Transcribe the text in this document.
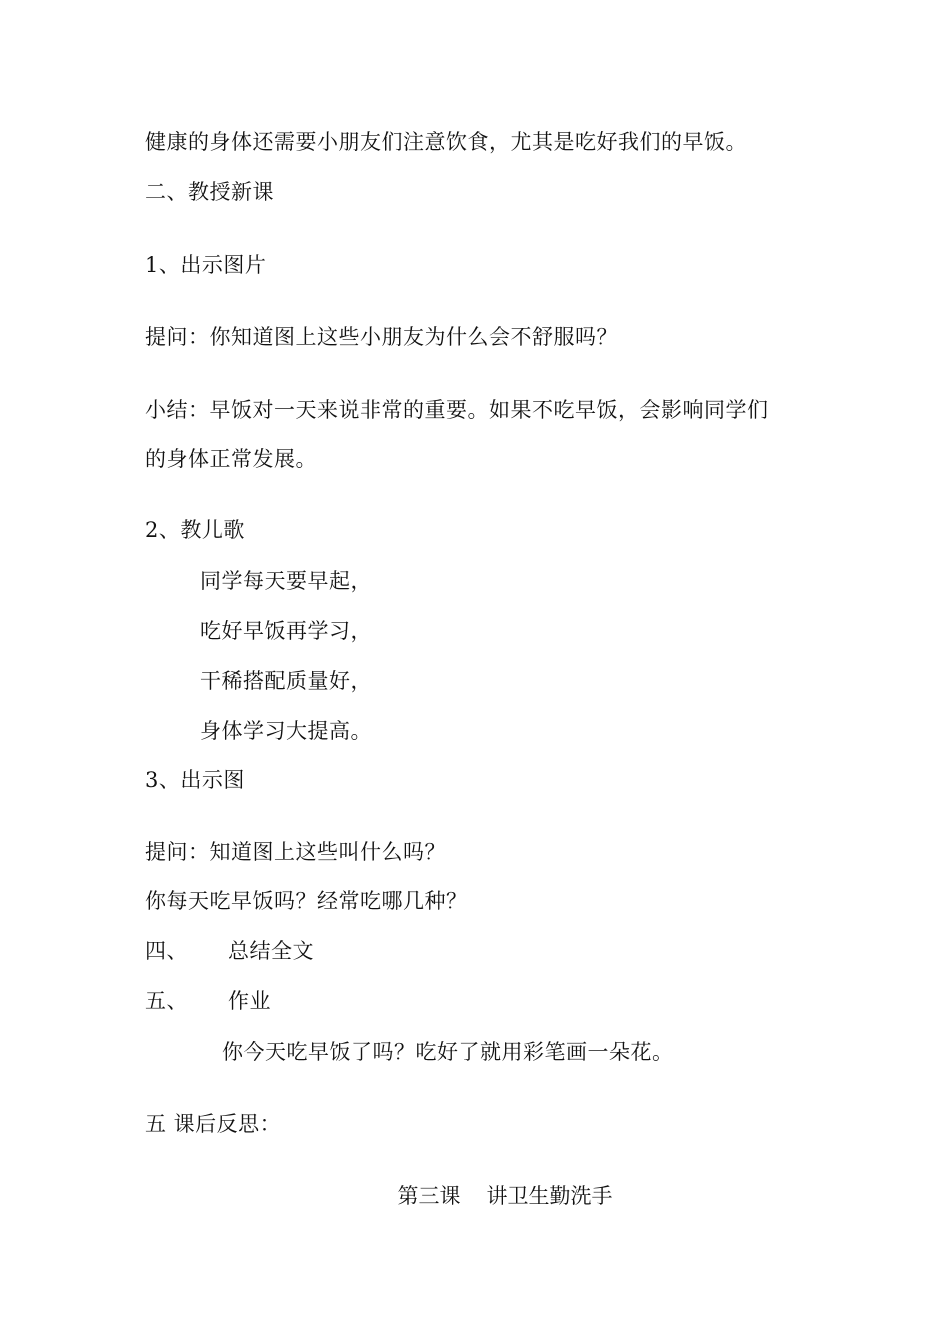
健康的身体还需要小朋友们注意饮食，尤其是吃好我们的早饭。
二、教授新课
1、出示图片
提问：你知道图上这些小朋友为什么会不舒服吗？
小结：早饭对一天来说非常的重要。如果不吃早饭，会影响同学们
的身体正常发展。
2、教儿歌
同学每天要早起，
吃好早饭再学习，
干稀搭配质量好，
身体学习大提高。
3、出示图
提问：知道图上这些叫什么吗？
你每天吃早饭吗？经常吃哪几种？
四、 总结全文
五、 作业
你今天吃早饭了吗？吃好了就用彩笔画一朵花。
五 课后反思：
第三课 讲卫生勤洗手
